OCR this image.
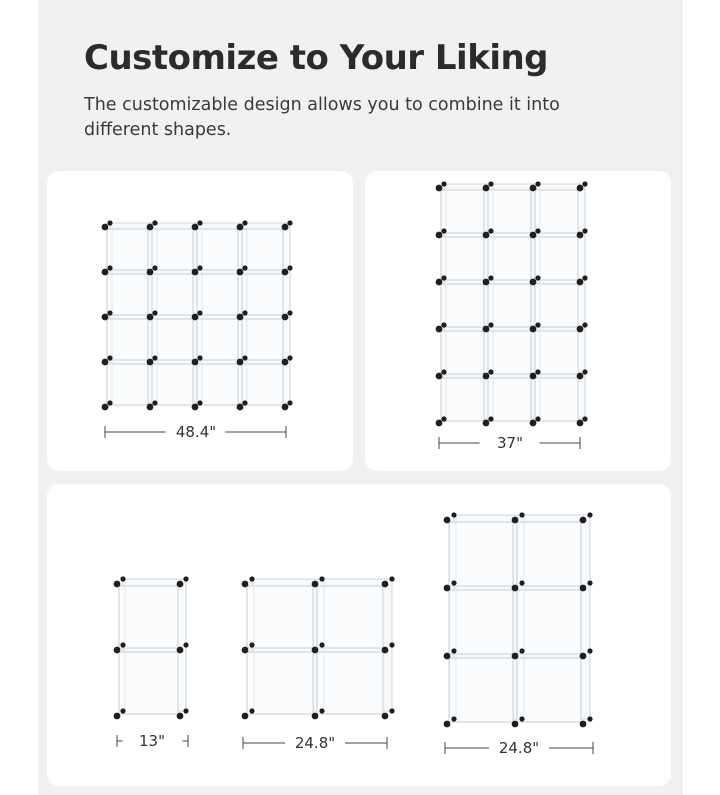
Customize to Your Liking
The customizable design allows you to combine it into different shapes.
48.4"
37"
13"	24.8"	24.8"
